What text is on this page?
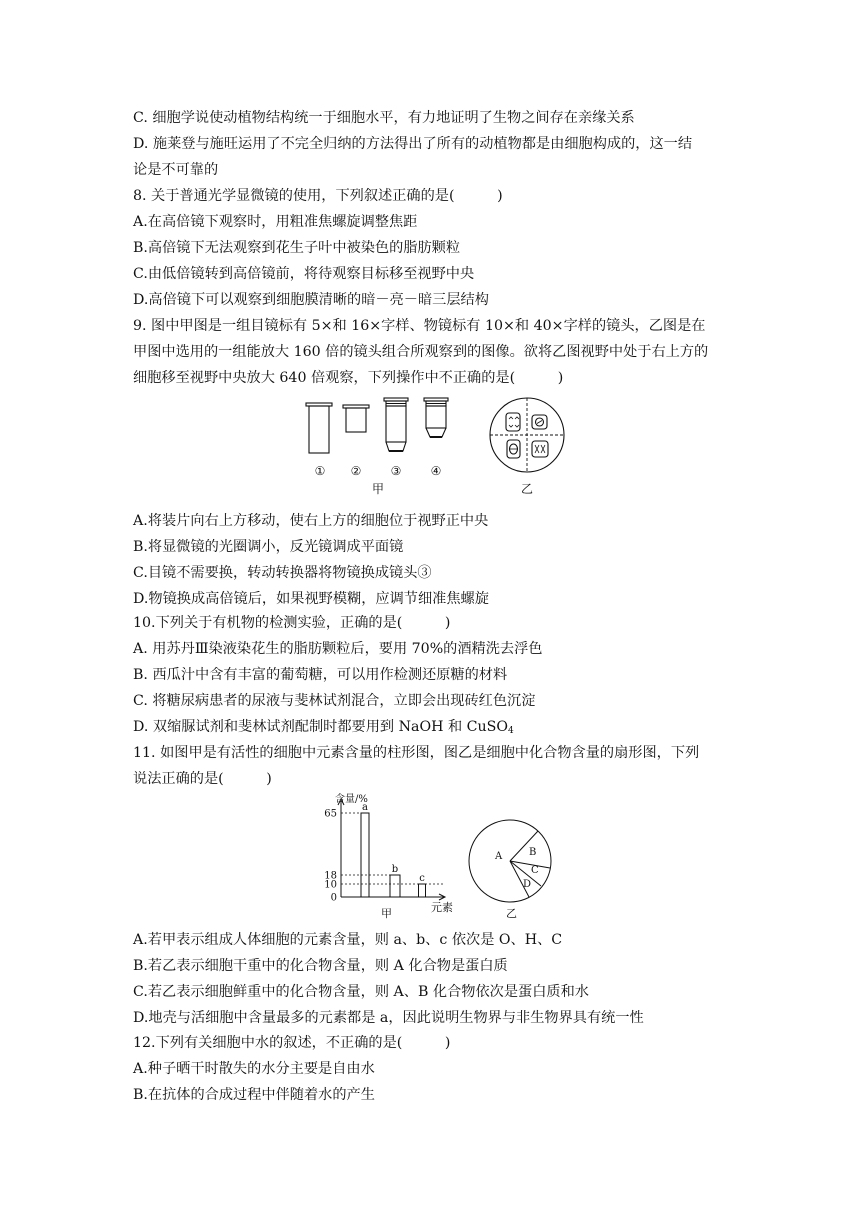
C. 细胞学说使动植物结构统一于细胞水平，有力地证明了生物之间存在亲缘关系
D. 施莱登与施旺运用了不完全归纳的方法得出了所有的动植物都是由细胞构成的，这一结
论是不可靠的
8. 关于普通光学显微镜的使用，下列叙述正确的是(　　　)
A.在高倍镜下观察时，用粗准焦螺旋调整焦距
B.高倍镜下无法观察到花生子叶中被染色的脂肪颗粒
C.由低倍镜转到高倍镜前，将待观察目标移至视野中央
D.高倍镜下可以观察到细胞膜清晰的暗－亮－暗三层结构
9. 图中甲图是一组目镜标有 5×和 16×字样、物镜标有 10×和 40×字样的镜头，乙图是在
甲图中选用的一组能放大 160 倍的镜头组合所观察到的图像。欲将乙图视野中处于右上方的
细胞移至视野中央放大 640 倍观察，下列操作中不正确的是(　　　)
① ② ③ ④
甲	乙
A.将装片向右上方移动，使右上方的细胞位于视野正中央
B.将显微镜的光圈调小，反光镜调成平面镜
C.目镜不需要换，转动转换器将物镜换成镜头③
D.物镜换成高倍镜后，如果视野模糊，应调节细准焦螺旋
10.下列关于有机物的检测实验，正确的是(　　　)
A. 用苏丹Ⅲ染液染花生的脂肪颗粒后，要用 70%的酒精洗去浮色
B. 西瓜汁中含有丰富的葡萄糖，可以用作检测还原糖的材料
C. 将糖尿病患者的尿液与斐林试剂混合，立即会出现砖红色沉淀
D. 双缩脲试剂和斐林试剂配制时都要用到 NaOH 和 CuSO$_4$
11. 如图甲是有活性的细胞中元素含量的柱形图，图乙是细胞中化合物含量的扇形图，下列
说法正确的是(　　　)
含量/%
元素
甲
65
18
10
0
a
b
c
A	B
C
D
乙
A.若甲表示组成人体细胞的元素含量，则 a、b、c 依次是 O、H、C
B.若乙表示细胞干重中的化合物含量，则 A 化合物是蛋白质
C.若乙表示细胞鲜重中的化合物含量，则 A、B 化合物依次是蛋白质和水
D.地壳与活细胞中含量最多的元素都是 a，因此说明生物界与非生物界具有统一性
12.下列有关细胞中水的叙述，不正确的是(　　　)
A.种子晒干时散失的水分主要是自由水
B.在抗体的合成过程中伴随着水的产生
